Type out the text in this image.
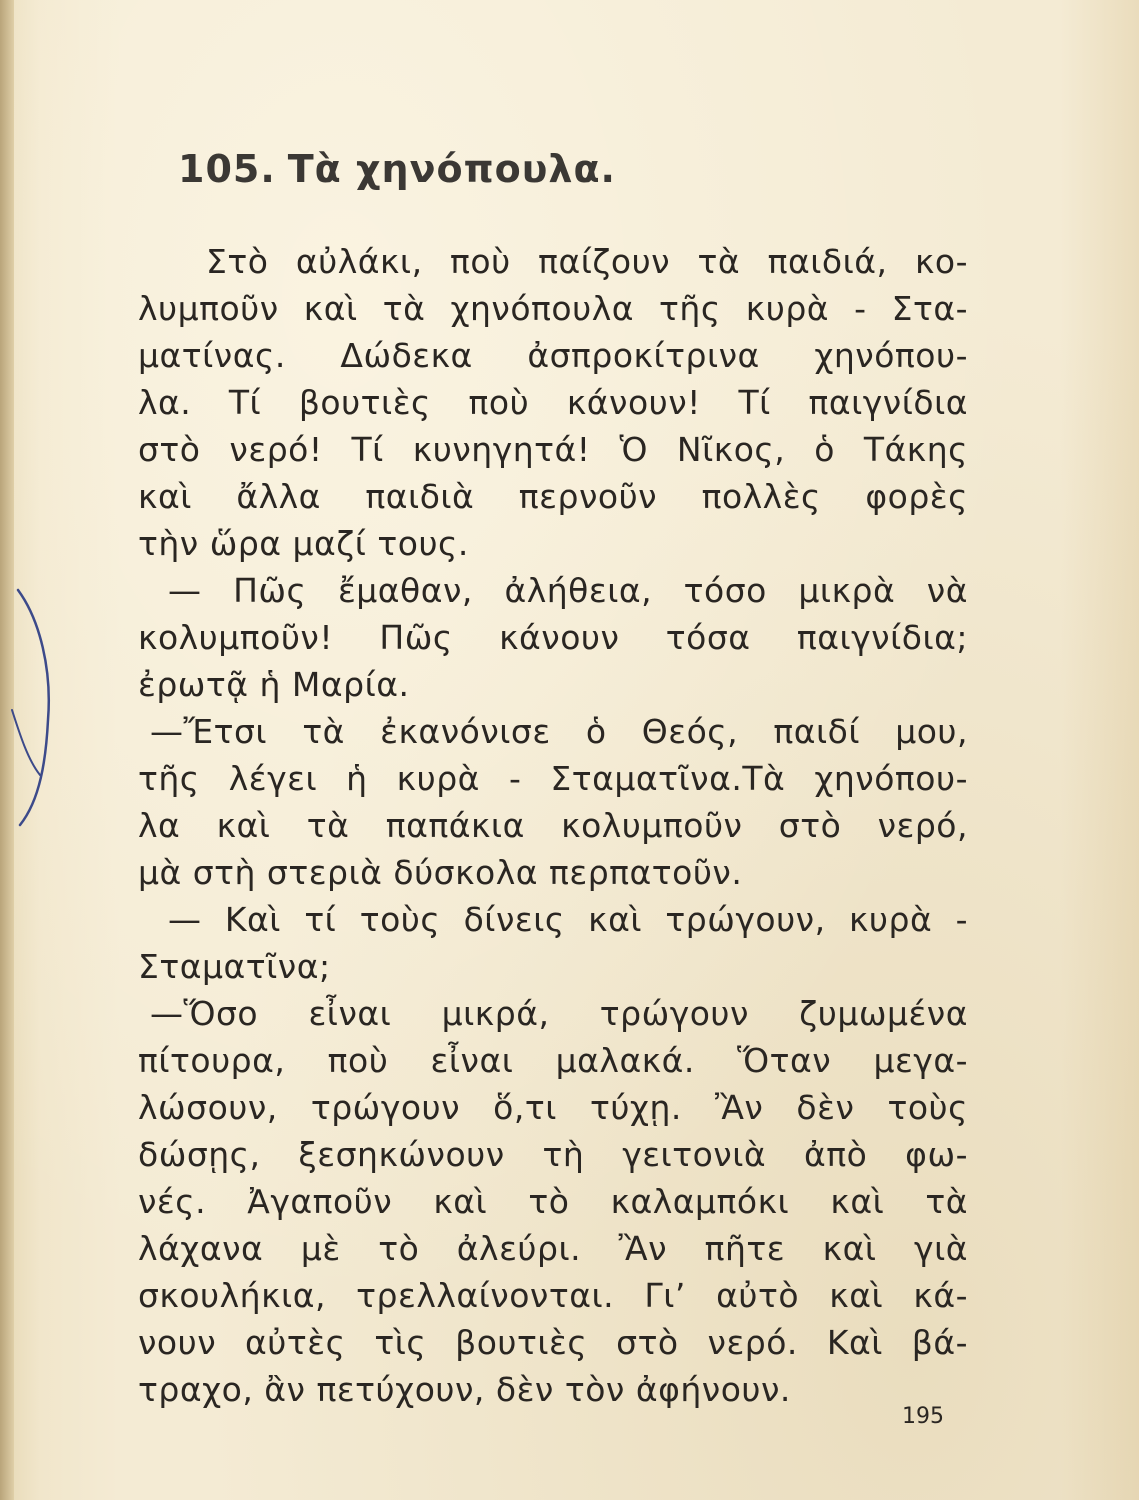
105. Τὰ χηνόπουλα.
Στὸ αὐλάκι, ποὺ παίζουν τὰ παιδιά, κο-
λυμποῦν καὶ τὰ χηνόπουλα τῆς κυρὰ - Στα-
ματίνας. Δώδεκα ἀσπροκίτρινα χηνόπου-
λα. Τί βουτιὲς ποὺ κάνουν! Τί παιγνίδια
στὸ νερό! Τί κυνηγητά! Ὁ Νῖκος, ὁ Τάκης
καὶ ἄλλα παιδιὰ περνοῦν πολλὲς φορὲς
τὴν ὥρα μαζί τους.
— Πῶς ἔμαθαν, ἀλήθεια, τόσο μικρὰ νὰ
κολυμποῦν! Πῶς κάνουν τόσα παιγνίδια;
ἐρωτᾷ ἡ Μαρία.
—Ἔτσι τὰ ἐκανόνισε ὁ Θεός, παιδί μου,
τῆς λέγει ἡ κυρὰ - Σταματῖνα.Τὰ χηνόπου-
λα καὶ τὰ παπάκια κολυμποῦν στὸ νερό,
μὰ στὴ στεριὰ δύσκολα περπατοῦν.
— Καὶ τί τοὺς δίνεις καὶ τρώγουν, κυρὰ -
Σταματῖνα;
—Ὅσο εἶναι μικρά, τρώγουν ζυμωμένα
πίτουρα, ποὺ εἶναι μαλακά. Ὅταν μεγα-
λώσουν, τρώγουν ὅ,τι τύχῃ. Ἂν δὲν τοὺς
δώσῃς, ξεσηκώνουν τὴ γειτονιὰ ἀπὸ φω-
νές. Ἀγαποῦν καὶ τὸ καλαμπόκι καὶ τὰ
λάχανα μὲ τὸ ἀλεύρι. Ἂν πῆτε καὶ γιὰ
σκουλήκια, τρελλαίνονται. Γι’ αὐτὸ καὶ κά-
νουν αὐτὲς τὶς βουτιὲς στὸ νερό. Καὶ βά-
τραχο, ἂν πετύχουν, δὲν τὸν ἀφήνουν.
195
